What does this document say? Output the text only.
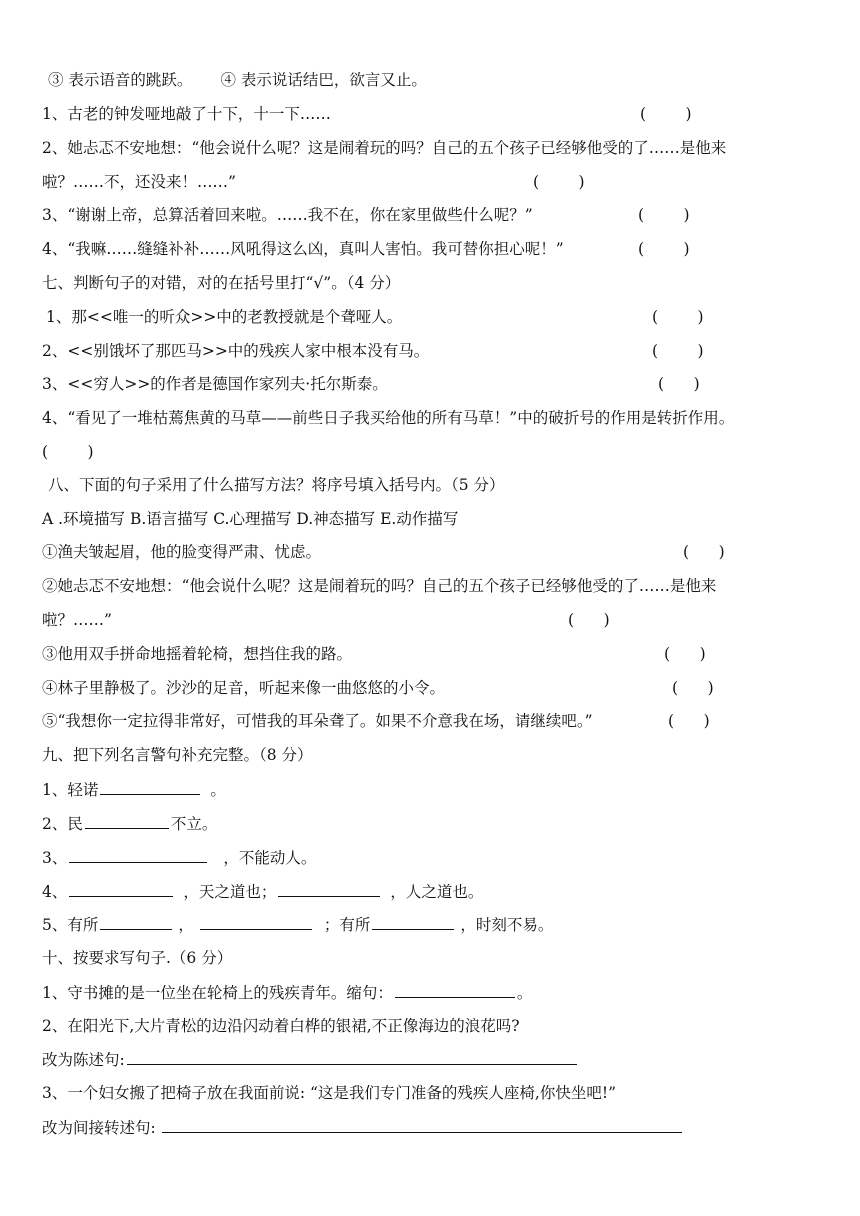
③ 表示语音的跳跃。 ④ 表示说话结巴，欲言又止。
1、古老的钟发哑地敲了十下，十一下……	(        )
2、她忐忑不安地想：“他会说什么呢？这是闹着玩的吗？自己的五个孩子已经够他受的了……是他来
啦？……不，还没来！……”	(        )
3、“谢谢上帝，总算活着回来啦。……我不在，你在家里做些什么呢？”	(        )
4、“我嘛……缝缝补补……风吼得这么凶，真叫人害怕。我可替你担心呢！”	(        )
七、判断句子的对错，对的在括号里打“√”。（4 分）
1、那<<唯一的听众>>中的老教授就是个聋哑人。	(        )
2、<<别饿坏了那匹马>>中的残疾人家中根本没有马。	(        )
3、<<穷人>>的作者是德国作家列夫·托尔斯泰。	(      )
4、“看见了一堆枯蔫焦黄的马草——前些日子我买给他的所有马草！”中的破折号的作用是转折作用。
(        )
八、下面的句子采用了什么描写方法？将序号填入括号内。（5 分）
A .环境描写 B.语言描写 C.心理描写 D.神态描写 E.动作描写
①渔夫皱起眉，他的脸变得严肃、忧虑。	(      )
②她忐忑不安地想：“他会说什么呢？这是闹着玩的吗？自己的五个孩子已经够他受的了……是他来
啦？……”	(      )
③他用双手拼命地摇着轮椅，想挡住我的路。	(      )
④林子里静极了。沙沙的足音，听起来像一曲悠悠的小令。	(      )
⑤“我想你一定拉得非常好，可惜我的耳朵聋了。如果不介意我在场，请继续吧。”	(      )
九、把下列名言警句补充完整。（8 分）
1、轻诺	。
2、民	不立。
3、	，不能动人。
4、	，天之道也；	，人之道也。
5、有所	，	；有所	，时刻不易。
十、按要求写句子.（6 分）
1、守书摊的是一位坐在轮椅上的残疾青年。缩句：	。
2、在阳光下,大片青松的边沿闪动着白桦的银裙,不正像海边的浪花吗?
改为陈述句:
3、一个妇女搬了把椅子放在我面前说: “这是我们专门准备的残疾人座椅,你快坐吧!”
改为间接转述句:
